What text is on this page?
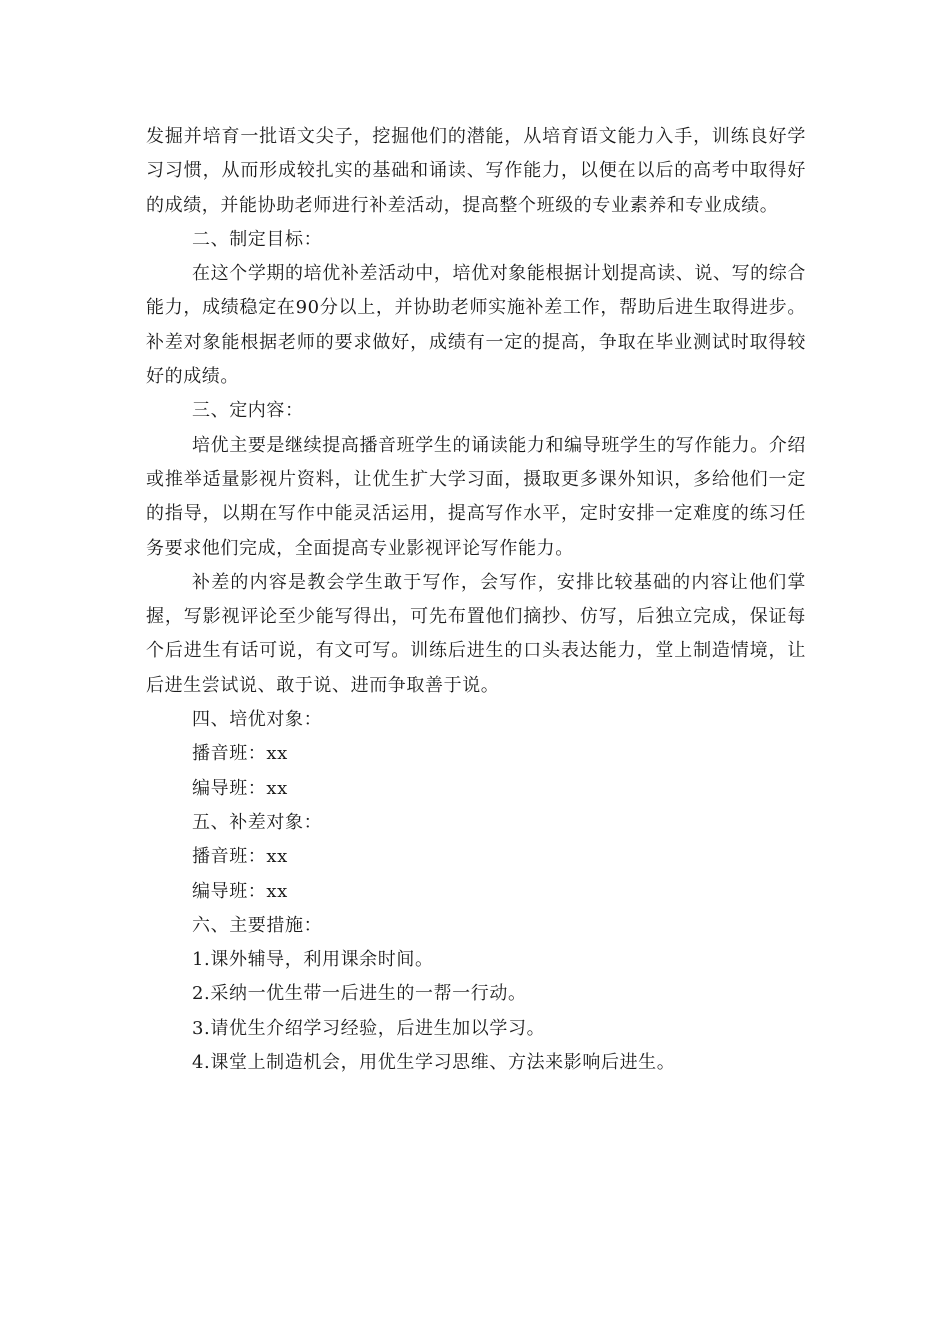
发掘并培育一批语文尖子，挖掘他们的潜能，从培育语文能力入手，训练良好学习习惯，从而形成较扎实的基础和诵读、写作能力，以便在以后的高考中取得好的成绩，并能协助老师进行补差活动，提高整个班级的专业素养和专业成绩。

二、制定目标：

在这个学期的培优补差活动中，培优对象能根据计划提高读、说、写的综合能力，成绩稳定在90分以上，并协助老师实施补差工作，帮助后进生取得进步。补差对象能根据老师的要求做好，成绩有一定的提高，争取在毕业测试时取得较好的成绩。

三、定内容：

培优主要是继续提高播音班学生的诵读能力和编导班学生的写作能力。介绍或推举适量影视片资料，让优生扩大学习面，摄取更多课外知识，多给他们一定的指导，以期在写作中能灵活运用，提高写作水平，定时安排一定难度的练习任务要求他们完成，全面提高专业影视评论写作能力。

补差的内容是教会学生敢于写作，会写作，安排比较基础的内容让他们掌握，写影视评论至少能写得出，可先布置他们摘抄、仿写，后独立完成，保证每个后进生有话可说，有文可写。训练后进生的口头表达能力，堂上制造情境，让后进生尝试说、敢于说、进而争取善于说。

四、培优对象：

播音班：xx

编导班：xx

五、补差对象：

播音班：xx

编导班：xx

六、主要措施：

1.课外辅导，利用课余时间。

2.采纳一优生带一后进生的一帮一行动。

3.请优生介绍学习经验，后进生加以学习。

4.课堂上制造机会，用优生学习思维、方法来影响后进生。
